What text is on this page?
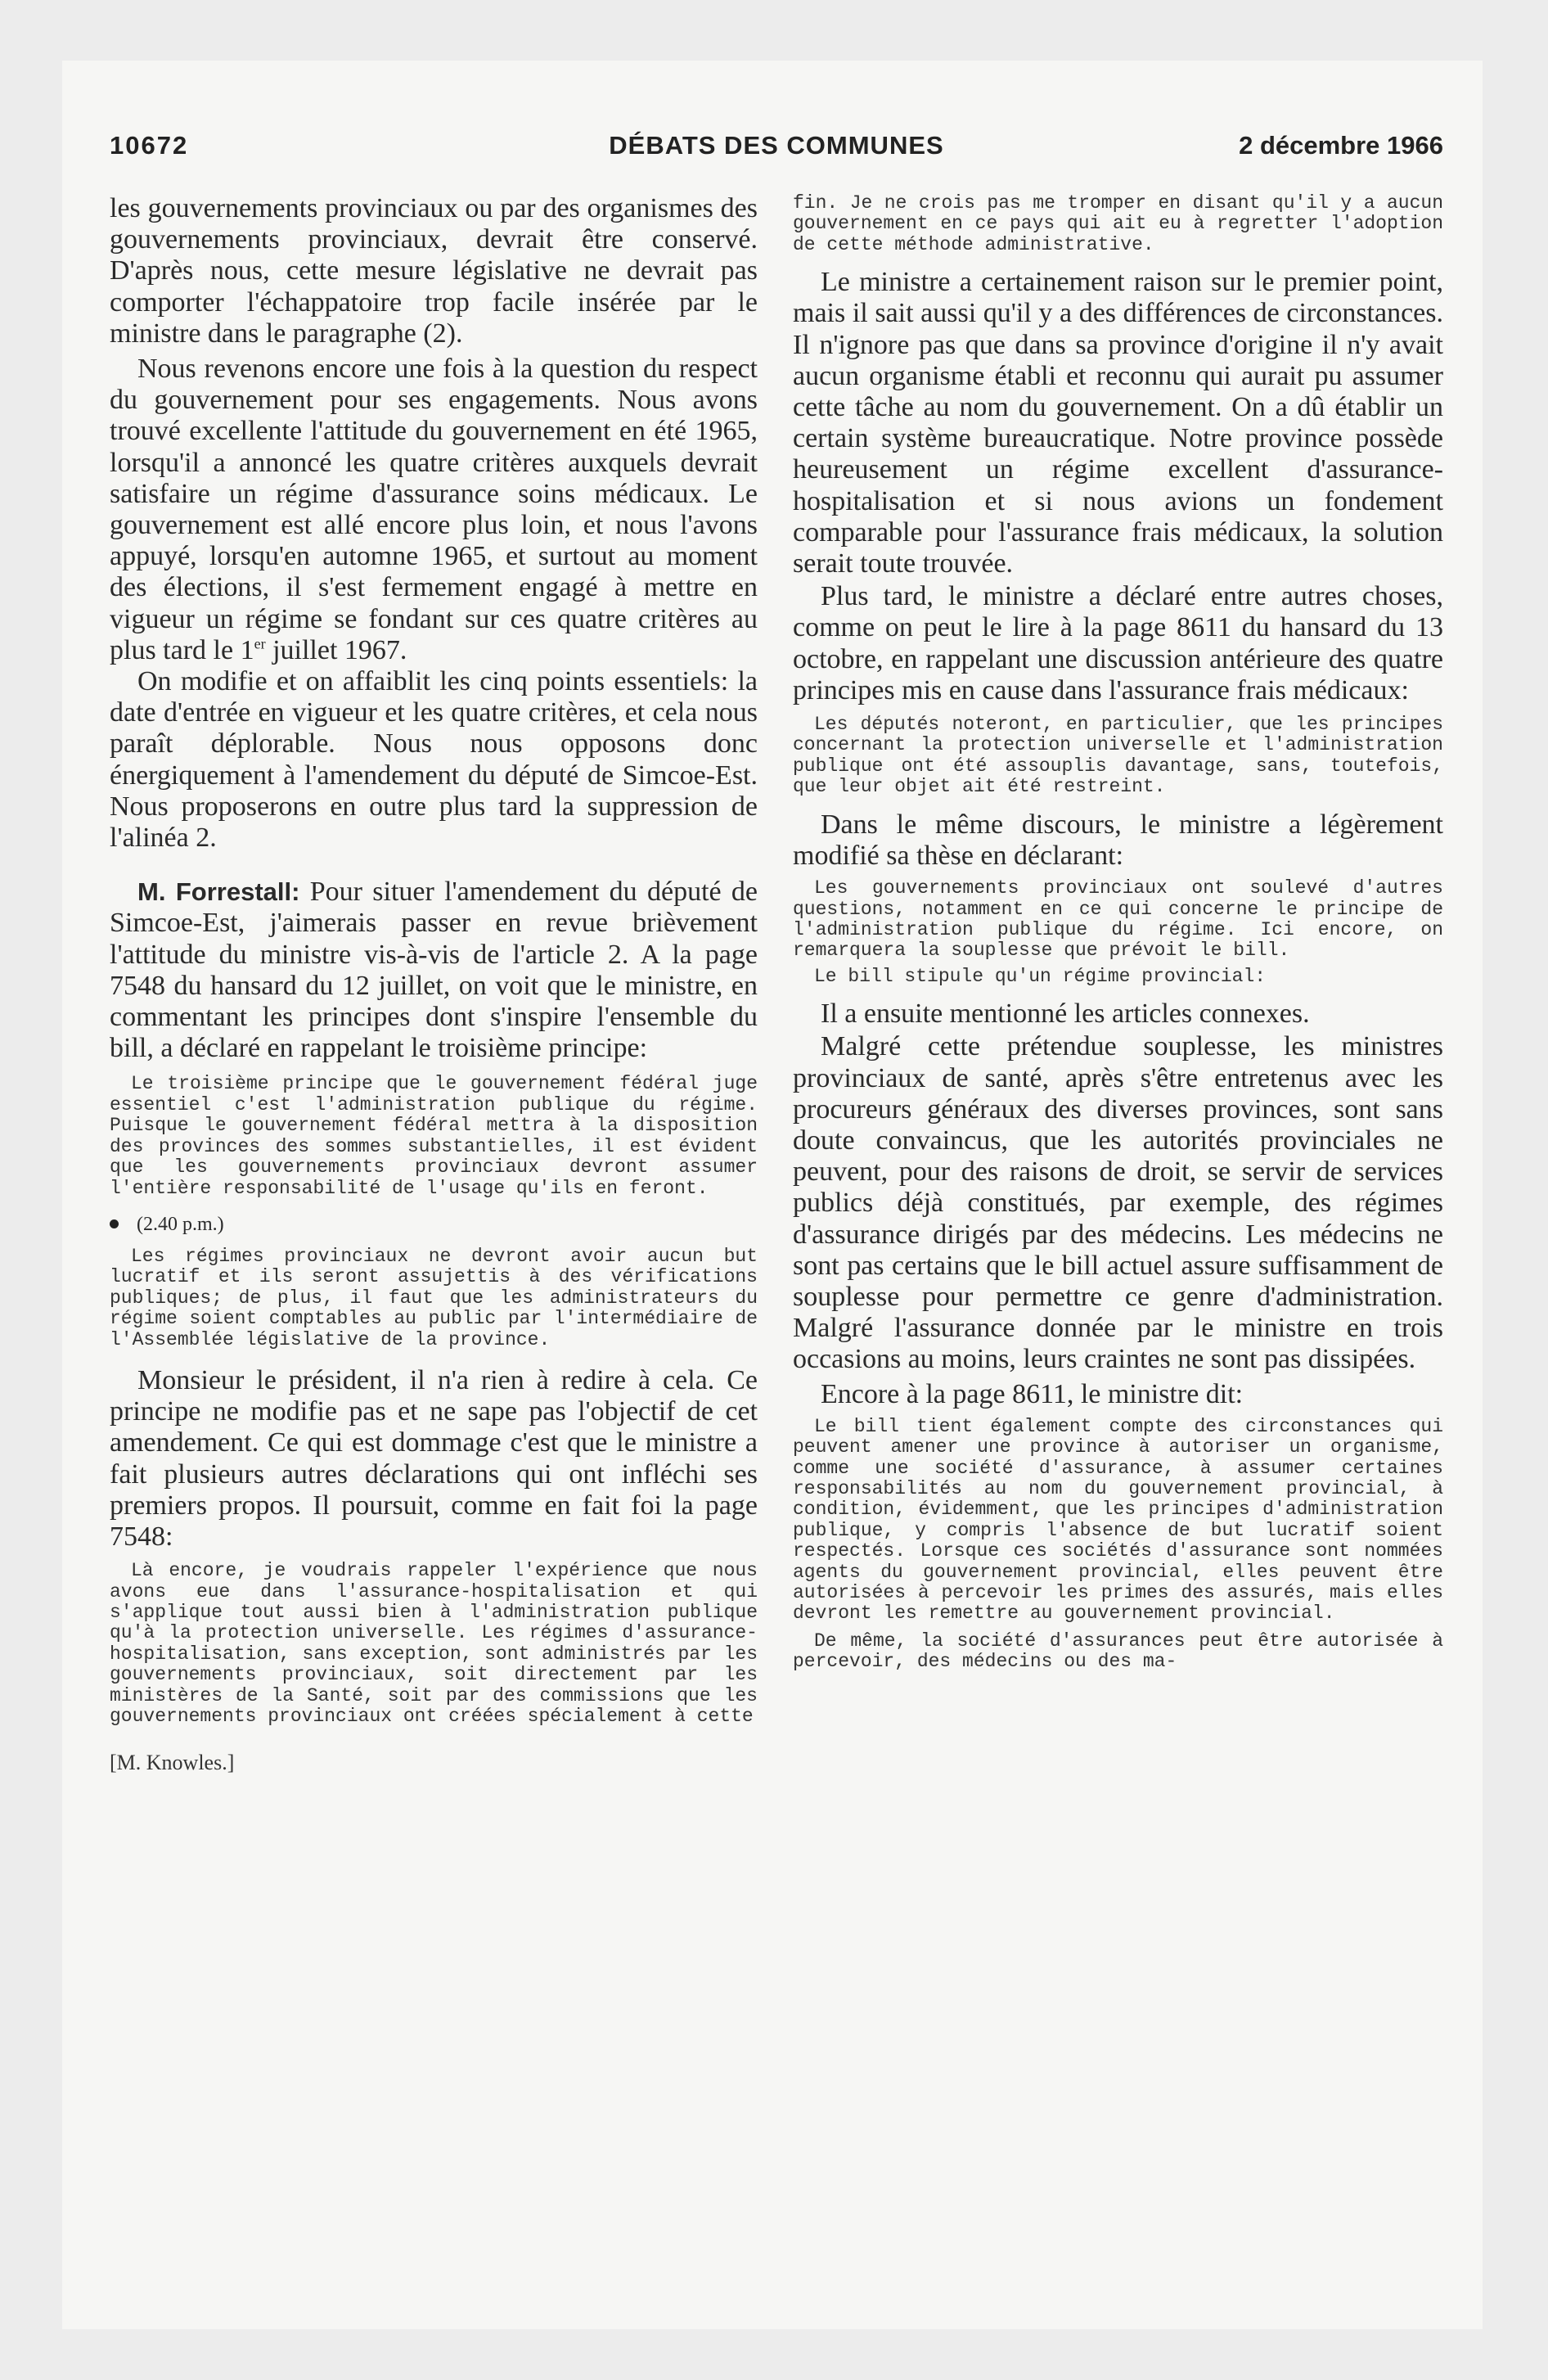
10672	DÉBATS DES COMMUNES	2 décembre 1966

les gouvernements provinciaux ou par des organismes des gouvernements provinciaux, devrait être conservé. D'après nous, cette mesure législative ne devrait pas comporter l'échappatoire trop facile insérée par le ministre dans le paragraphe (2).

Nous revenons encore une fois à la question du respect du gouvernement pour ses engagements. Nous avons trouvé excellente l'attitude du gouvernement en été 1965, lorsqu'il a annoncé les quatre critères auxquels devrait satisfaire un régime d'assurance soins médicaux. Le gouvernement est allé encore plus loin, et nous l'avons appuyé, lorsqu'en automne 1965, et surtout au moment des élections, il s'est fermement engagé à mettre en vigueur un régime se fondant sur ces quatre critères au plus tard le 1er juillet 1967.

On modifie et on affaiblit les cinq points essentiels: la date d'entrée en vigueur et les quatre critères, et cela nous paraît déplorable. Nous nous opposons donc énergiquement à l'amendement du député de Simcoe-Est. Nous proposerons en outre plus tard la suppression de l'alinéa 2.

M. Forrestall: Pour situer l'amendement du député de Simcoe-Est, j'aimerais passer en revue brièvement l'attitude du ministre vis-à-vis de l'article 2. A la page 7548 du hansard du 12 juillet, on voit que le ministre, en commentant les principes dont s'inspire l'ensemble du bill, a déclaré en rappelant le troisième principe:

Le troisième principe que le gouvernement fédéral juge essentiel c'est l'administration publique du régime. Puisque le gouvernement fédéral mettra à la disposition des provinces des sommes substantielles, il est évident que les gouvernements provinciaux devront assumer l'entière responsabilité de l'usage qu'ils en feront.

(2.40 p.m.)

Les régimes provinciaux ne devront avoir aucun but lucratif et ils seront assujettis à des vérifications publiques; de plus, il faut que les administrateurs du régime soient comptables au public par l'intermédiaire de l'Assemblée législative de la province.

Monsieur le président, il n'a rien à redire à cela. Ce principe ne modifie pas et ne sape pas l'objectif de cet amendement. Ce qui est dommage c'est que le ministre a fait plusieurs autres déclarations qui ont infléchi ses premiers propos. Il poursuit, comme en fait foi la page 7548:

Là encore, je voudrais rappeler l'expérience que nous avons eue dans l'assurance-hospitalisation et qui s'applique tout aussi bien à l'administration publique qu'à la protection universelle. Les régimes d'assurance-hospitalisation, sans exception, sont administrés par les gouvernements provinciaux, soit directement par les ministères de la Santé, soit par des commissions que les gouvernements provinciaux ont créées spécialement à cette

[M. Knowles.]

fin. Je ne crois pas me tromper en disant qu'il y a aucun gouvernement en ce pays qui ait eu à regretter l'adoption de cette méthode administrative.

Le ministre a certainement raison sur le premier point, mais il sait aussi qu'il y a des différences de circonstances. Il n'ignore pas que dans sa province d'origine il n'y avait aucun organisme établi et reconnu qui aurait pu assumer cette tâche au nom du gouvernement. On a dû établir un certain système bureaucratique. Notre province possède heureusement un régime excellent d'assurance-hospitalisation et si nous avions un fondement comparable pour l'assurance frais médicaux, la solution serait toute trouvée.

Plus tard, le ministre a déclaré entre autres choses, comme on peut le lire à la page 8611 du hansard du 13 octobre, en rappelant une discussion antérieure des quatre principes mis en cause dans l'assurance frais médicaux:

Les députés noteront, en particulier, que les principes concernant la protection universelle et l'administration publique ont été assouplis davantage, sans, toutefois, que leur objet ait été restreint.

Dans le même discours, le ministre a légèrement modifié sa thèse en déclarant:

Les gouvernements provinciaux ont soulevé d'autres questions, notamment en ce qui concerne le principe de l'administration publique du régime. Ici encore, on remarquera la souplesse que prévoit le bill.

Le bill stipule qu'un régime provincial:

Il a ensuite mentionné les articles connexes.

Malgré cette prétendue souplesse, les ministres provinciaux de santé, après s'être entretenus avec les procureurs généraux des diverses provinces, sont sans doute convaincus, que les autorités provinciales ne peuvent, pour des raisons de droit, se servir de services publics déjà constitués, par exemple, des régimes d'assurance dirigés par des médecins. Les médecins ne sont pas certains que le bill actuel assure suffisamment de souplesse pour permettre ce genre d'administration. Malgré l'assurance donnée par le ministre en trois occasions au moins, leurs craintes ne sont pas dissipées.

Encore à la page 8611, le ministre dit:

Le bill tient également compte des circonstances qui peuvent amener une province à autoriser un organisme, comme une société d'assurance, à assumer certaines responsabilités au nom du gouvernement provincial, à condition, évidemment, que les principes d'administration publique, y compris l'absence de but lucratif soient respectés. Lorsque ces sociétés d'assurance sont nommées agents du gouvernement provincial, elles peuvent être autorisées à percevoir les primes des assurés, mais elles devront les remettre au gouvernement provincial.

De même, la société d'assurances peut être autorisée à percevoir, des médecins ou des ma-
